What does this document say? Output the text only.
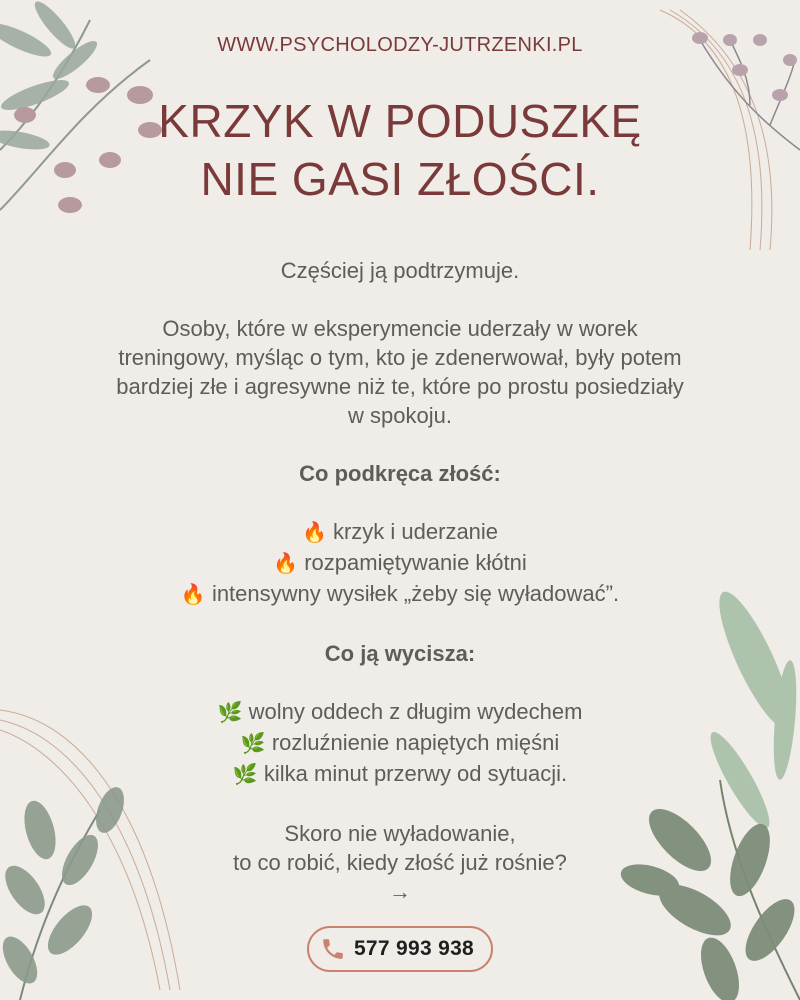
WWW.PSYCHOLODZY-JUTRZENKI.PL
KRZYK W PODUSZKĘ
NIE GASI ZŁOŚCI.
Częściej ją podtrzymuje.
Osoby, które w eksperymencie uderzały w worek
treningowy, myśląc o tym, kto je zdenerwował, były potem
bardziej złe i agresywne niż te, które po prostu posiedziały
w spokoju.
Co podkręca złość:
🔥 krzyk i uderzanie
🔥 rozpamiętywanie kłótni
🔥 intensywny wysiłek „żeby się wyładować”.
Co ją wycisza:
🌿 wolny oddech z długim wydechem
🌿 rozluźnienie napiętych mięśni
🌿 kilka minut przerwy od sytuacji.
Skoro nie wyładowanie,
to co robić, kiedy złość już rośnie?
→
577 993 938
